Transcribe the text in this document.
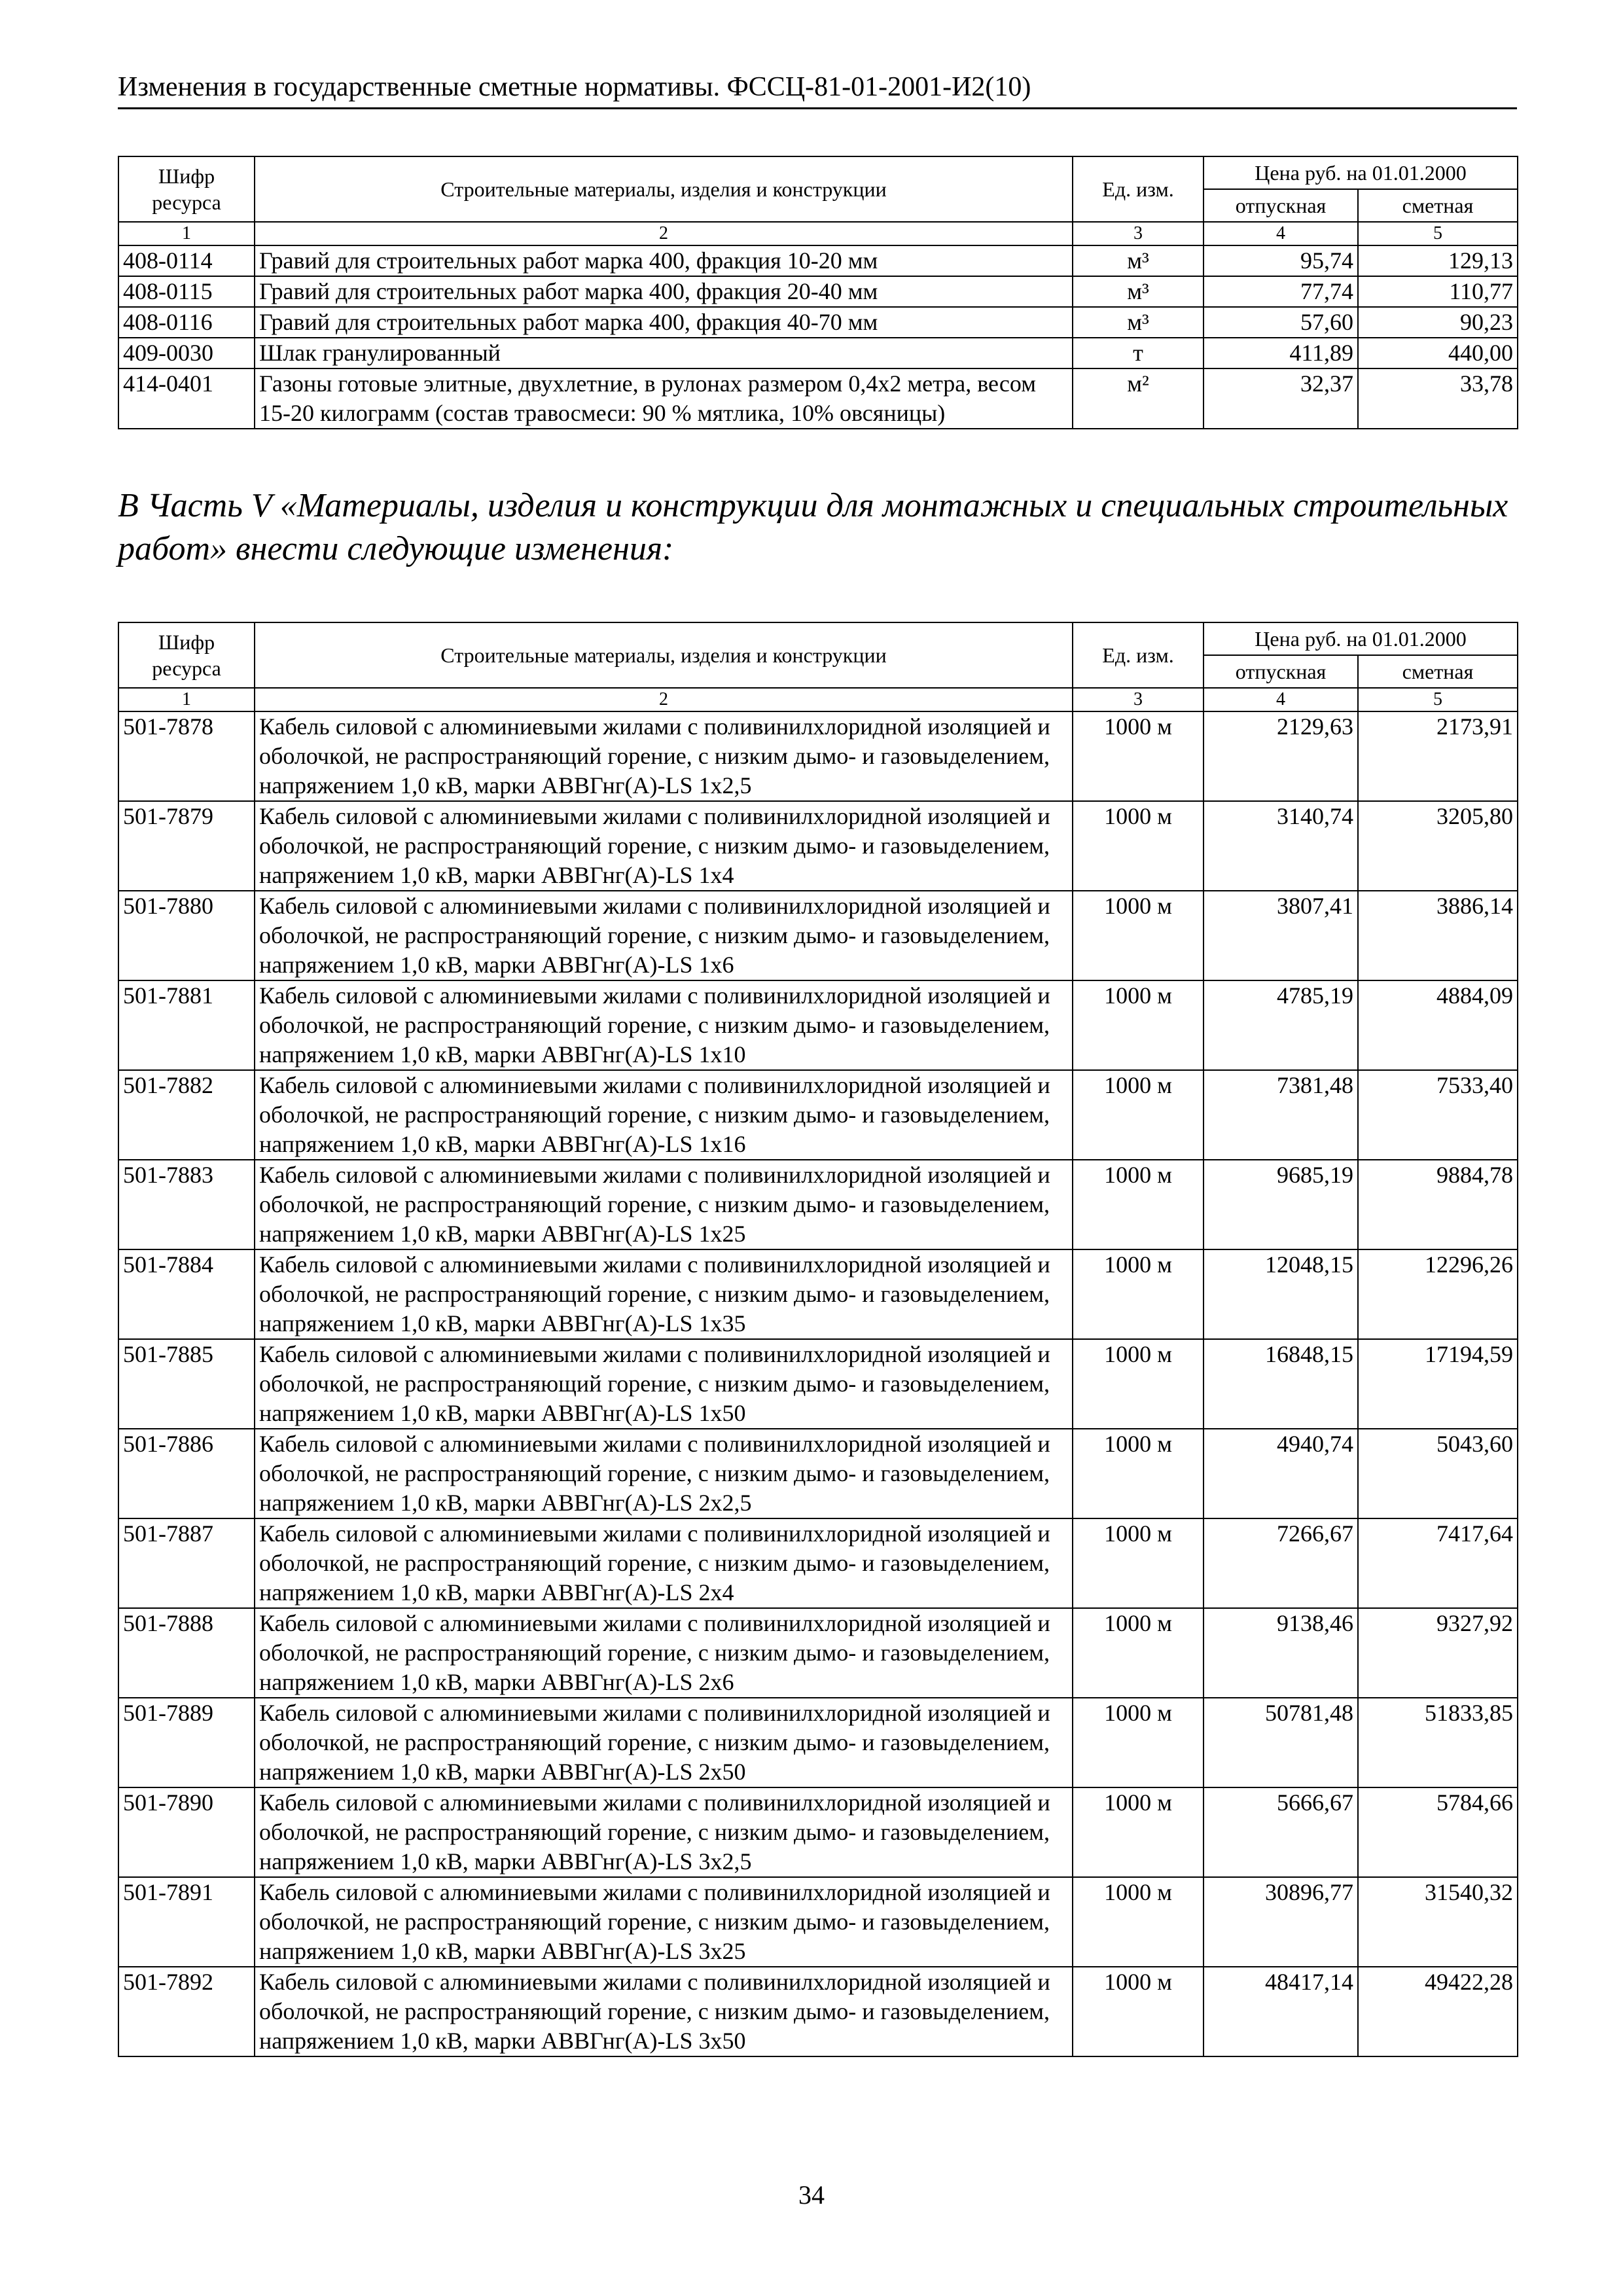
Изменения в государственные сметные нормативы. ФССЦ-81-01-2001-И2(10)
Шифр ресурса	Строительные материалы, изделия и конструкции	Ед. изм.	Цена руб. на 01.01.2000	
			отпускная	сметная
1	2	3	4	5
408-0114	Гравий для строительных работ марка 400, фракция 10-20 мм	м³	95,74	129,13
408-0115	Гравий для строительных работ марка 400, фракция 20-40 мм	м³	77,74	110,77
408-0116	Гравий для строительных работ марка 400, фракция 40-70 мм	м³	57,60	90,23
409-0030	Шлак гранулированный	т	411,89	440,00
414-0401	Газоны готовые элитные, двухлетние, в рулонах размером 0,4х2 метра, весом 15-20 килограмм (состав травосмеси: 90 % мятлика, 10% овсяницы)	м²	32,37	33,78
В Часть V «Материалы, изделия и конструкции для монтажных и специальных строительных работ» внести следующие изменения:
Шифр ресурса	Строительные материалы, изделия и конструкции	Ед. изм.	Цена руб. на 01.01.2000	
			отпускная	сметная
1	2	3	4	5
501-7878	Кабель силовой с алюминиевыми жилами с поливинилхлоридной изоляцией и оболочкой, не распространяющий горение, с низким дымо- и газовыделением, напряжением 1,0 кВ, марки АВВГнг(А)-LS 1х2,5	1000 м	2129,63	2173,91
501-7879	Кабель силовой с алюминиевыми жилами с поливинилхлоридной изоляцией и оболочкой, не распространяющий горение, с низким дымо- и газовыделением, напряжением 1,0 кВ, марки АВВГнг(А)-LS 1х4	1000 м	3140,74	3205,80
501-7880	Кабель силовой с алюминиевыми жилами с поливинилхлоридной изоляцией и оболочкой, не распространяющий горение, с низким дымо- и газовыделением, напряжением 1,0 кВ, марки АВВГнг(А)-LS 1х6	1000 м	3807,41	3886,14
501-7881	Кабель силовой с алюминиевыми жилами с поливинилхлоридной изоляцией и оболочкой, не распространяющий горение, с низким дымо- и газовыделением, напряжением 1,0 кВ, марки АВВГнг(А)-LS 1х10	1000 м	4785,19	4884,09
501-7882	Кабель силовой с алюминиевыми жилами с поливинилхлоридной изоляцией и оболочкой, не распространяющий горение, с низким дымо- и газовыделением, напряжением 1,0 кВ, марки АВВГнг(А)-LS 1х16	1000 м	7381,48	7533,40
501-7883	Кабель силовой с алюминиевыми жилами с поливинилхлоридной изоляцией и оболочкой, не распространяющий горение, с низким дымо- и газовыделением, напряжением 1,0 кВ, марки АВВГнг(А)-LS 1х25	1000 м	9685,19	9884,78
501-7884	Кабель силовой с алюминиевыми жилами с поливинилхлоридной изоляцией и оболочкой, не распространяющий горение, с низким дымо- и газовыделением, напряжением 1,0 кВ, марки АВВГнг(А)-LS 1х35	1000 м	12048,15	12296,26
501-7885	Кабель силовой с алюминиевыми жилами с поливинилхлоридной изоляцией и оболочкой, не распространяющий горение, с низким дымо- и газовыделением, напряжением 1,0 кВ, марки АВВГнг(А)-LS 1х50	1000 м	16848,15	17194,59
501-7886	Кабель силовой с алюминиевыми жилами с поливинилхлоридной изоляцией и оболочкой, не распространяющий горение, с низким дымо- и газовыделением, напряжением 1,0 кВ, марки АВВГнг(А)-LS 2х2,5	1000 м	4940,74	5043,60
501-7887	Кабель силовой с алюминиевыми жилами с поливинилхлоридной изоляцией и оболочкой, не распространяющий горение, с низким дымо- и газовыделением, напряжением 1,0 кВ, марки АВВГнг(А)-LS 2х4	1000 м	7266,67	7417,64
501-7888	Кабель силовой с алюминиевыми жилами с поливинилхлоридной изоляцией и оболочкой, не распространяющий горение, с низким дымо- и газовыделением, напряжением 1,0 кВ, марки АВВГнг(А)-LS 2х6	1000 м	9138,46	9327,92
501-7889	Кабель силовой с алюминиевыми жилами с поливинилхлоридной изоляцией и оболочкой, не распространяющий горение, с низким дымо- и газовыделением, напряжением 1,0 кВ, марки АВВГнг(А)-LS 2х50	1000 м	50781,48	51833,85
501-7890	Кабель силовой с алюминиевыми жилами с поливинилхлоридной изоляцией и оболочкой, не распространяющий горение, с низким дымо- и газовыделением, напряжением 1,0 кВ, марки АВВГнг(А)-LS 3х2,5	1000 м	5666,67	5784,66
501-7891	Кабель силовой с алюминиевыми жилами с поливинилхлоридной изоляцией и оболочкой, не распространяющий горение, с низким дымо- и газовыделением, напряжением 1,0 кВ, марки АВВГнг(А)-LS 3х25	1000 м	30896,77	31540,32
501-7892	Кабель силовой с алюминиевыми жилами с поливинилхлоридной изоляцией и оболочкой, не распространяющий горение, с низким дымо- и газовыделением, напряжением 1,0 кВ, марки АВВГнг(А)-LS 3х50	1000 м	48417,14	49422,28
34
